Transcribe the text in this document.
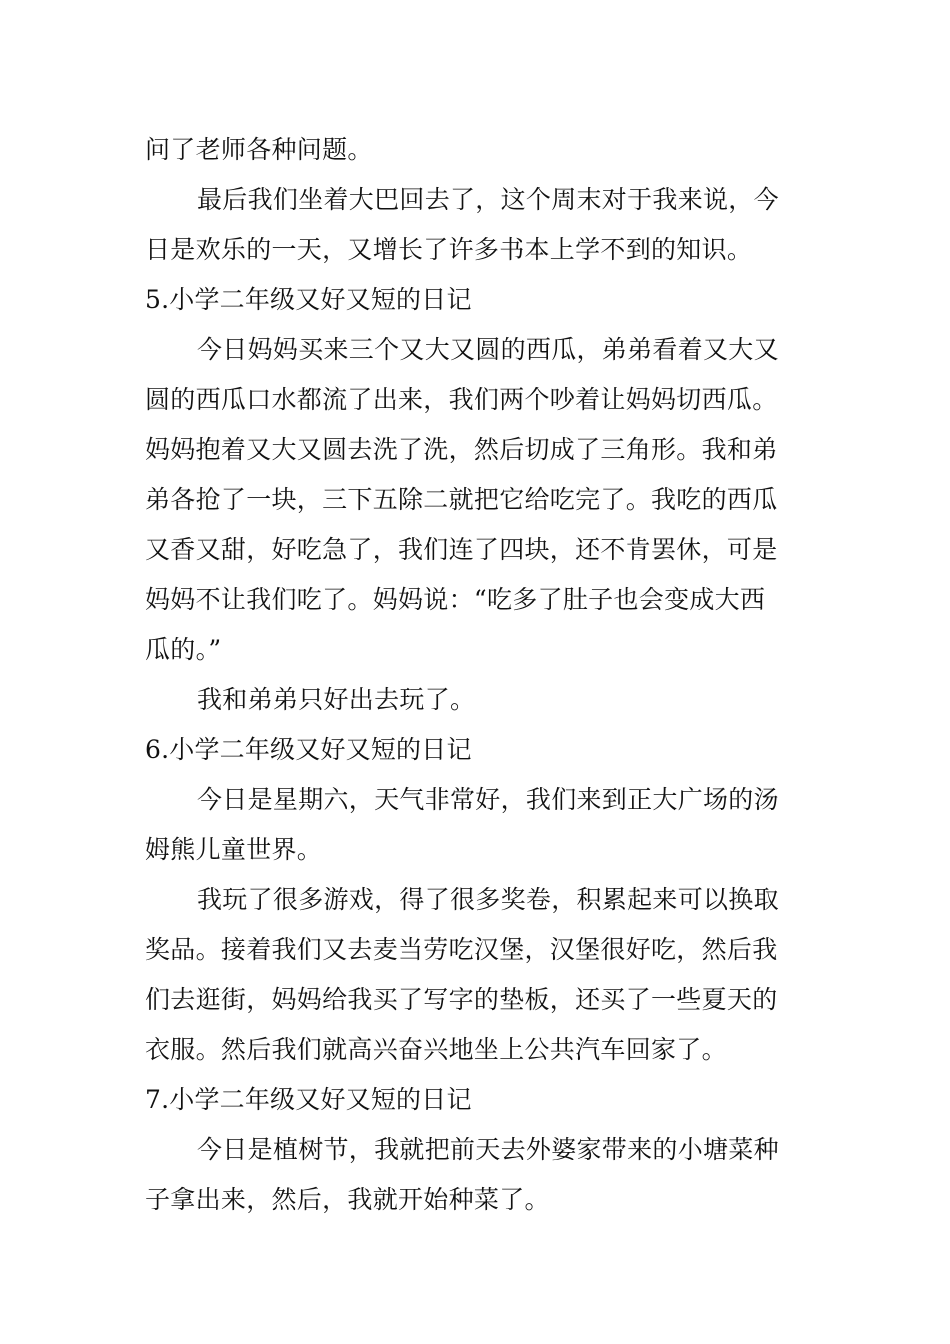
问了老师各种问题。

最后我们坐着大巴回去了，这个周末对于我来说，今

日是欢乐的一天，又增长了许多书本上学不到的知识。

5.小学二年级又好又短的日记

今日妈妈买来三个又大又圆的西瓜，弟弟看着又大又

圆的西瓜口水都流了出来，我们两个吵着让妈妈切西瓜。

妈妈抱着又大又圆去洗了洗，然后切成了三角形。我和弟

弟各抢了一块，三下五除二就把它给吃完了。我吃的西瓜

又香又甜，好吃急了，我们连了四块，还不肯罢休，可是

妈妈不让我们吃了。妈妈说：“吃多了肚子也会变成大西

瓜的。”

我和弟弟只好出去玩了。

6.小学二年级又好又短的日记

今日是星期六，天气非常好，我们来到正大广场的汤

姆熊儿童世界。

我玩了很多游戏，得了很多奖卷，积累起来可以换取

奖品。接着我们又去麦当劳吃汉堡，汉堡很好吃，然后我

们去逛街，妈妈给我买了写字的垫板，还买了一些夏天的

衣服。然后我们就高兴奋兴地坐上公共汽车回家了。

7.小学二年级又好又短的日记

今日是植树节，我就把前天去外婆家带来的小塘菜种

子拿出来，然后，我就开始种菜了。
